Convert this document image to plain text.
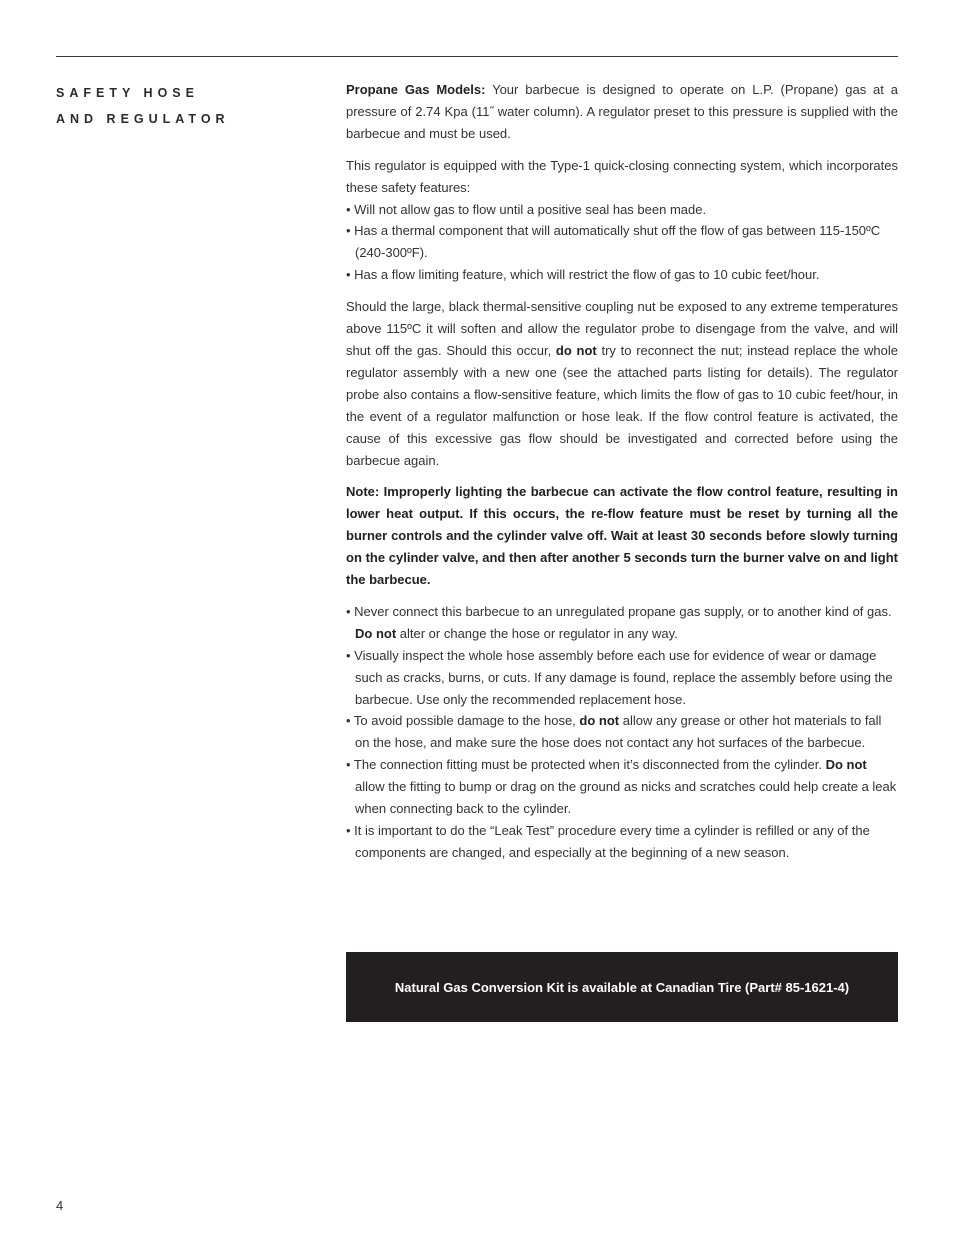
SAFETY HOSE
AND REGULATOR

Propane Gas Models: Your barbecue is designed to operate on L.P. (Propane) gas at a pressure of 2.74 Kpa (11˝ water column). A regulator preset to this pressure is supplied with the barbecue and must be used.

This regulator is equipped with the Type-1 quick-closing connecting system, which incorporates these safety features:

• Will not allow gas to flow until a positive seal has been made.
• Has a thermal component that will automatically shut off the flow of gas between 115-150ºC (240-300ºF).
• Has a flow limiting feature, which will restrict the flow of gas to 10 cubic feet/hour.

Should the large, black thermal-sensitive coupling nut be exposed to any extreme temperatures above 115ºC it will soften and allow the regulator probe to disengage from the valve, and will shut off the gas. Should this occur, do not try to reconnect the nut; instead replace the whole regulator assembly with a new one (see the attached parts listing for details). The regulator probe also contains a flow-sensitive feature, which limits the flow of gas to 10 cubic feet/hour, in the event of a regulator malfunction or hose leak. If the flow control feature is activated, the cause of this excessive gas flow should be investigated and corrected before using the barbecue again.

Note: Improperly lighting the barbecue can activate the flow control feature, resulting in lower heat output. If this occurs, the re-flow feature must be reset by turning all the burner controls and the cylinder valve off. Wait at least 30 seconds before slowly turning on the cylinder valve, and then after another 5 seconds turn the burner valve on and light the barbecue.

• Never connect this barbecue to an unregulated propane gas supply, or to another kind of gas. Do not alter or change the hose or regulator in any way.
• Visually inspect the whole hose assembly before each use for evidence of wear or damage such as cracks, burns, or cuts. If any damage is found, replace the assembly before using the barbecue. Use only the recommended replacement hose.
• To avoid possible damage to the hose, do not allow any grease or other hot materials to fall on the hose, and make sure the hose does not contact any hot surfaces of the barbecue.
• The connection fitting must be protected when it’s disconnected from the cylinder. Do not allow the fitting to bump or drag on the ground as nicks and scratches could help create a leak when connecting back to the cylinder.
• It is important to do the “Leak Test” procedure every time a cylinder is refilled or any of the components are changed, and especially at the beginning of a new season.
Natural Gas Conversion Kit is available at Canadian Tire (Part# 85-1621-4)
4
